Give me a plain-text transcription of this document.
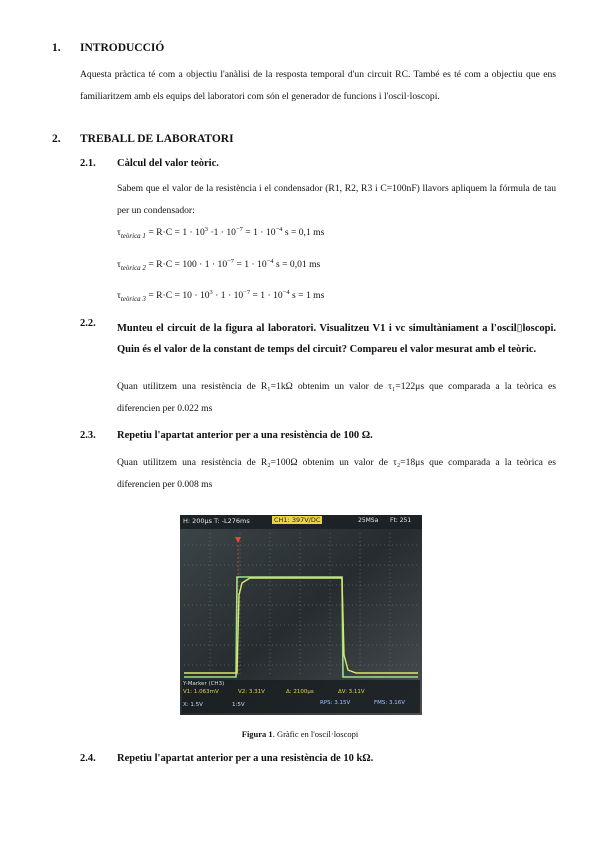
1. INTRODUCCIÓ
Aquesta pràctica té com a objectiu l'anàlisi de la resposta temporal d'un circuit RC. També es té com a objectiu que ens familiaritzem amb els equips del laboratori com són el generador de funcions i l'oscil·loscopi.
2. TREBALL DE LABORATORI
2.1. Càlcul del valor teòric.
Sabem que el valor de la resistència i el condensador (R1, R2, R3 i C=100nF) llavors apliquem la fórmula de tau per un condensador:
$\tau_{teòrica 1} = R\cdot C = 1 \cdot 10^3 \cdot 1 \cdot 10^{-7} = 1 \cdot 10^{-4}$ s = 0,1 ms
$\tau_{teòrica 2} = R\cdot C = 100 \cdot 1 \cdot 10^{-7} = 1 \cdot 10^{-4}$ s = 0,01 ms
$\tau_{teòrica 3} = R\cdot C = 10 \cdot 10^3 \cdot 1 \cdot 10^{-7} = 1 \cdot 10^{-4}$ s = 1 ms
2.2. Munteu el circuit de la figura al laboratori. Visualitzeu V1 i vc simultàniament a l'oscil▯loscopi. Quin és el valor de la constant de temps del circuit? Compareu el valor mesurat amb el teòric.
Quan utilitzem una resistència de R₁=1kΩ obtenim un valor de τ₁=122μs que comparada a la teòrica es diferencien per 0.022 ms
2.3. Repetiu l'apartat anterior per a una resistència de 100 Ω.
Quan utilitzem una resistència de R₂=100Ω obtenim un valor de τ₂=18μs que comparada a la teòrica es diferencien per 0.008 ms
H: 200μs T: -L276ms	CH1: 397V/DC	25MSa Ft: 251
Y-Marker (CH3)
V1: 1.063mV	V2: 3.31V	Δ: 2100μs	ΔV: 3.11V
X: 1.5V	1:5V	RPS: 3.15V	FMS: 3.16V
Figura 1. Gràfic en l'oscil·loscopi
2.4. Repetiu l'apartat anterior per a una resistència de 10 kΩ.
